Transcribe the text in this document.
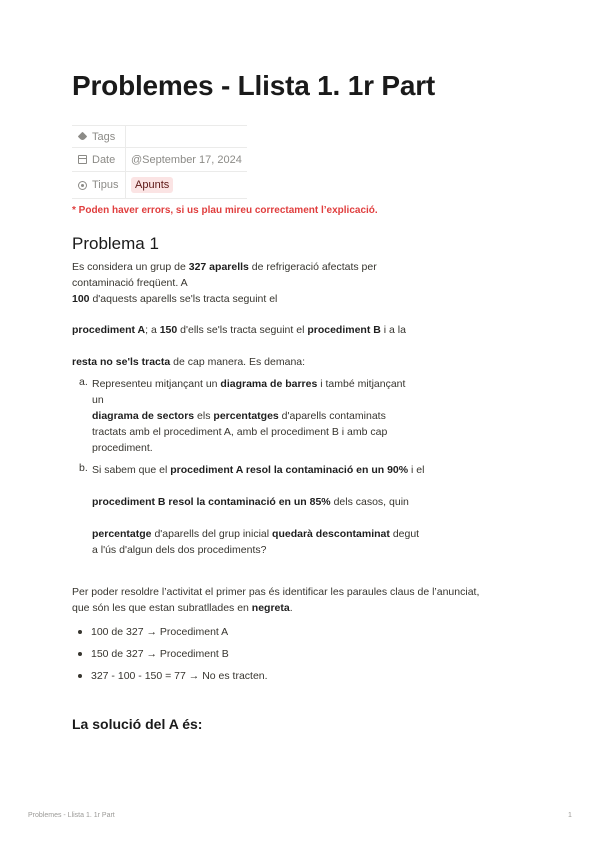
Problemes - Llista 1. 1r Part
Tags
Date	@September 17, 2024
Tipus	Apunts
* Poden haver errors, si us plau mireu correctament l’explicació.
Problema 1
Es considera un grup de 327 aparells de refrigeració afectats per
contaminació freqüent. A
100 d'aquests aparells se'ls tracta seguint el
procediment A; a 150 d'ells se'ls tracta seguint el procediment B i a la
resta no se'ls tracta de cap manera. Es demana:
a. Representeu mitjançant un diagrama de barres i també mitjançant
un
diagrama de sectors els percentatges d'aparells contaminats
tractats amb el procediment A, amb el procediment B i amb cap
procediment.
b. Si sabem que el procediment A resol la contaminació en un 90% i el
procediment B resol la contaminació en un 85% dels casos, quin
percentatge d'aparells del grup inicial quedarà descontaminat degut
a l'ús d'algun dels dos procediments?
Per poder resoldre l’activitat el primer pas és identificar les paraules claus de l’anunciat,
que són les que estan subratllades en negreta.
100 de 327 → Procediment A
150 de 327 → Procediment B
327 - 100 - 150 = 77 → No es tracten.
La solució del A és:
Problemes - Llista 1. 1r Part	1
